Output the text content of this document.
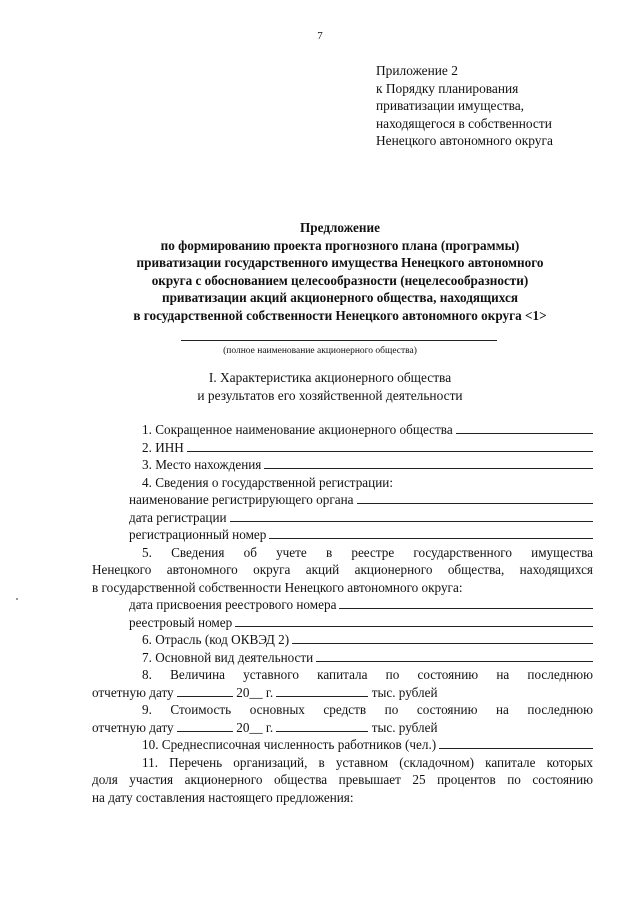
7
Приложение 2
к Порядку планирования
приватизации имущества,
находящегося в собственности
Ненецкого автономного округа
Предложение
по формированию проекта прогнозного плана (программы)
приватизации государственного имущества Ненецкого автономного
округа с обоснованием целесообразности (нецелесообразности)
приватизации акций акционерного общества, находящихся
в государственной собственности Ненецкого автономного округа <1>
(полное наименование акционерного общества)
I. Характеристика акционерного общества
и результатов его хозяйственной деятельности
1. Сокращенное наименование акционерного общества
2. ИНН
3. Место нахождения
4. Сведения о государственной регистрации:
наименование регистрирующего органа
дата регистрации
регистрационный номер
5. Сведения об учете в реестре государственного имущества
Ненецкого автономного округа акций акционерного общества, находящихся
в государственной собственности Ненецкого автономного округа:
дата присвоения реестрового номера
реестровый номер
6. Отрасль (код ОКВЭД 2)
7. Основной вид деятельности
8. Величина уставного капитала по состоянию на последнюю
отчетную дату	20__ г.	тыс. рублей
9. Стоимость основных средств по состоянию на последнюю
отчетную дату	20__ г.	тыс. рублей
10. Среднесписочная численность работников (чел.)
11. Перечень организаций, в уставном (складочном) капитале которых
доля участия акционерного общества превышает 25 процентов по состоянию
на дату составления настоящего предложения:
